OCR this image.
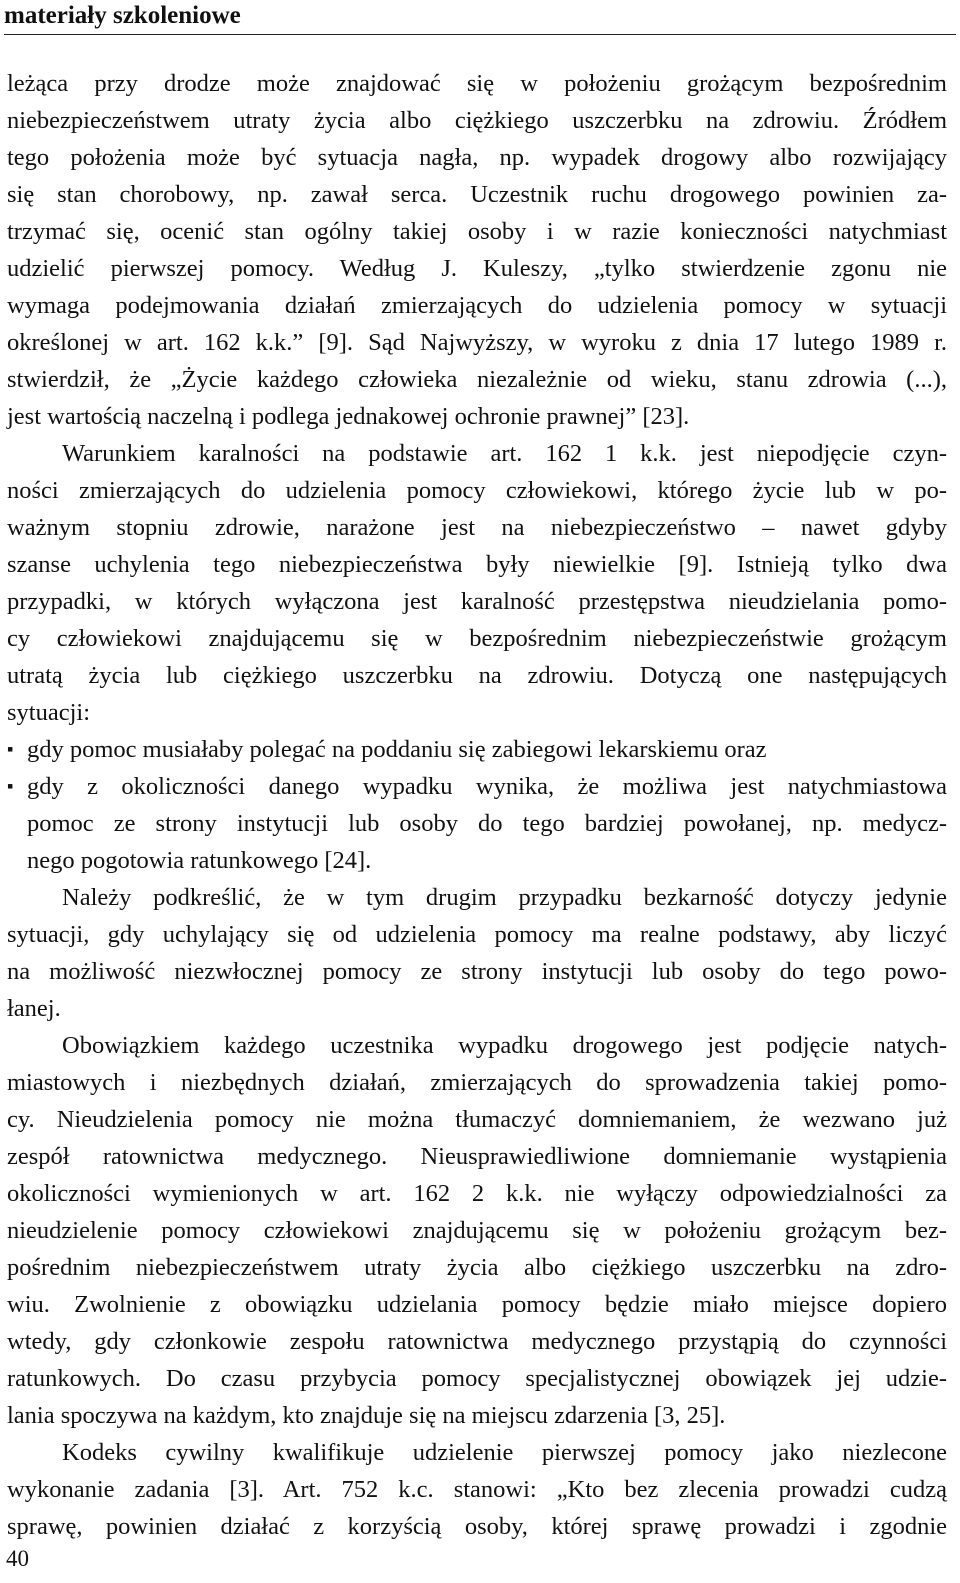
materiały szkoleniowe
leżąca przy drodze może znajdować się w położeniu grożącym bezpośrednim
niebezpieczeństwem utraty życia albo ciężkiego uszczerbku na zdrowiu. Źródłem
tego położenia może być sytuacja nagła, np. wypadek drogowy albo rozwijający
się stan chorobowy, np. zawał serca. Uczestnik ruchu drogowego powinien za-
trzymać się, ocenić stan ogólny takiej osoby i w razie konieczności natychmiast
udzielić pierwszej pomocy. Według J. Kuleszy, „tylko stwierdzenie zgonu nie
wymaga podejmowania działań zmierzających do udzielenia pomocy w sytuacji
określonej w art. 162 k.k.” [9]. Sąd Najwyższy, w wyroku z dnia 17 lutego 1989 r.
stwierdził, że „Życie każdego człowieka niezależnie od wieku, stanu zdrowia (...),
jest wartością naczelną i podlega jednakowej ochronie prawnej” [23].
Warunkiem karalności na podstawie art. 162 1 k.k. jest niepodjęcie czyn-
ności zmierzających do udzielenia pomocy człowiekowi, którego życie lub w po-
ważnym stopniu zdrowie, narażone jest na niebezpieczeństwo – nawet gdyby
szanse uchylenia tego niebezpieczeństwa były niewielkie [9]. Istnieją tylko dwa
przypadki, w których wyłączona jest karalność przestępstwa nieudzielania pomo-
cy człowiekowi znajdującemu się w bezpośrednim niebezpieczeństwie grożącym
utratą życia lub ciężkiego uszczerbku na zdrowiu. Dotyczą one następujących
sytuacji:
▪ gdy pomoc musiałaby polegać na poddaniu się zabiegowi lekarskiemu oraz
▪ gdy z okoliczności danego wypadku wynika, że możliwa jest natychmiastowa
pomoc ze strony instytucji lub osoby do tego bardziej powołanej, np. medycz-
nego pogotowia ratunkowego [24].
Należy podkreślić, że w tym drugim przypadku bezkarność dotyczy jedynie
sytuacji, gdy uchylający się od udzielenia pomocy ma realne podstawy, aby liczyć
na możliwość niezwłocznej pomocy ze strony instytucji lub osoby do tego powo-
łanej.
Obowiązkiem każdego uczestnika wypadku drogowego jest podjęcie natych-
miastowych i niezbędnych działań, zmierzających do sprowadzenia takiej pomo-
cy. Nieudzielenia pomocy nie można tłumaczyć domniemaniem, że wezwano już
zespół ratownictwa medycznego. Nieusprawiedliwione domniemanie wystąpienia
okoliczności wymienionych w art. 162 2 k.k. nie wyłączy odpowiedzialności za
nieudzielenie pomocy człowiekowi znajdującemu się w położeniu grożącym bez-
pośrednim niebezpieczeństwem utraty życia albo ciężkiego uszczerbku na zdro-
wiu. Zwolnienie z obowiązku udzielania pomocy będzie miało miejsce dopiero
wtedy, gdy członkowie zespołu ratownictwa medycznego przystąpią do czynności
ratunkowych. Do czasu przybycia pomocy specjalistycznej obowiązek jej udzie-
lania spoczywa na każdym, kto znajduje się na miejscu zdarzenia [3, 25].
Kodeks cywilny kwalifikuje udzielenie pierwszej pomocy jako niezlecone
wykonanie zadania [3]. Art. 752 k.c. stanowi: „Kto bez zlecenia prowadzi cudzą
sprawę, powinien działać z korzyścią osoby, której sprawę prowadzi i zgodnie
40
